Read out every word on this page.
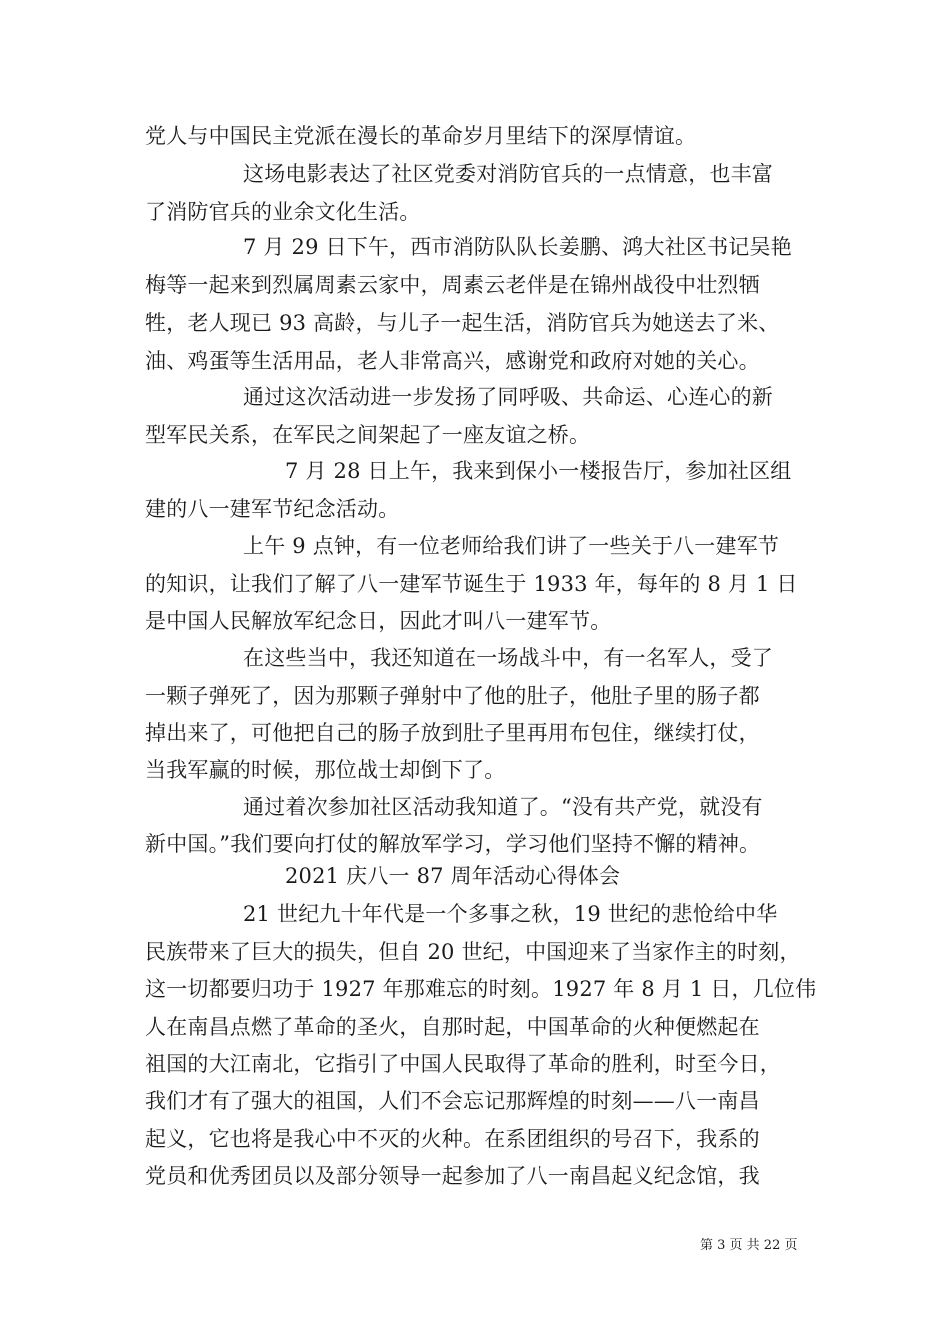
党人与中国民主党派在漫长的革命岁月里结下的深厚情谊。
这场电影表达了社区党委对消防官兵的一点情意，也丰富
了消防官兵的业余文化生活。
7 月 29 日下午，西市消防队队长姜鹏、鸿大社区书记吴艳
梅等一起来到烈属周素云家中，周素云老伴是在锦州战役中壮烈牺
牲，老人现已 93 高龄，与儿子一起生活，消防官兵为她送去了米、
油、鸡蛋等生活用品，老人非常高兴，感谢党和政府对她的关心。
通过这次活动进一步发扬了同呼吸、共命运、心连心的新
型军民关系，在军民之间架起了一座友谊之桥。
7 月 28 日上午，我来到保小一楼报告厅，参加社区组
建的八一建军节纪念活动。
上午 9 点钟，有一位老师给我们讲了一些关于八一建军节
的知识，让我们了解了八一建军节诞生于 1933 年，每年的 8 月 1 日
是中国人民解放军纪念日，因此才叫八一建军节。
在这些当中，我还知道在一场战斗中，有一名军人，受了
一颗子弹死了，因为那颗子弹射中了他的肚子，他肚子里的肠子都
掉出来了，可他把自己的肠子放到肚子里再用布包住，继续打仗，
当我军赢的时候，那位战士却倒下了。
通过着次参加社区活动我知道了。“没有共产党，就没有
新中国。”我们要向打仗的解放军学习，学习他们坚持不懈的精神。
2021 庆八一 87 周年活动心得体会
21 世纪九十年代是一个多事之秋，19 世纪的悲怆给中华
民族带来了巨大的损失，但自 20 世纪，中国迎来了当家作主的时刻，
这一切都要归功于 1927 年那难忘的时刻。1927 年 8 月 1 日，几位伟
人在南昌点燃了革命的圣火，自那时起，中国革命的火种便燃起在
祖国的大江南北，它指引了中国人民取得了革命的胜利，时至今日，
我们才有了强大的祖国，人们不会忘记那辉煌的时刻——八一南昌
起义，它也将是我心中不灭的火种。在系团组织的号召下，我系的
党员和优秀团员以及部分领导一起参加了八一南昌起义纪念馆，我
第 3 页 共 22 页
